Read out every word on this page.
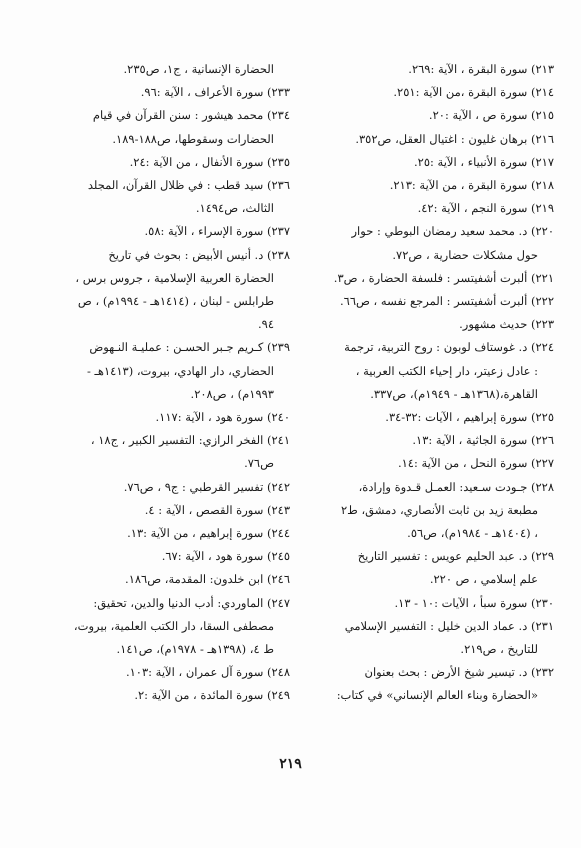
٢١٣) سورة البقرة ، الآية :٢٦٩.

٢١٤) سورة البقرة ،من الآية :٢٥١.

٢١٥) سورة ص ، الآية :٢٠.

٢١٦) برهان غليون : اغتيال العقل، ص٣٥٢.

٢١٧) سورة الأنبياء ، الآية :٢٥.

٢١٨) سورة البقرة ، من الآية :٢١٣.

٢١٩) سورة النجم ، الآية :٤٢.

٢٢٠) د. محمد سعيد رمضان البوطي : حوار

حول مشكلات حضارية ، ص٧٢.

٢٢١) ألبرت أشفيتسر : فلسفة الحضارة ، ص٣.

٢٢٢) ألبرت أشفيتسر : المرجع نفسه ، ص٦٦.

٢٢٣) حديث مشهور.

٢٢٤) د. غوستاف لوبون : روح التربية، ترجمة

: عادل زعيتر، دار إحياء الكتب العربية ،

القاهرة،(١٣٦٨هـ - ١٩٤٩م)، ص٣٣٧.

٢٢٥) سورة إبراهيم ، الآيات :٣٢-٣٤.

٢٢٦) سورة الجاثية ، الآية :١٣.

٢٢٧) سورة النحل ، من الآية :١٤.

٢٢٨) جـودت سـعيد: العمـل قـدوة وإرادة،

مطبعة زيد بن ثابت الأنصاري، دمشق، ط٢

، (١٤٠٤هـ - ١٩٨٤م)، ص٥٦.

٢٢٩) د. عبد الحليم عويس : تفسير التاريخ

علم إسلامي ، ص ٢٢٠.

٢٣٠) سورة سبأ ، الآيات :١٠ - ١٣.

٢٣١) د. عماد الدين خليل : التفسير الإسلامي

للتاريخ ، ص٢١٩.

٢٣٢) د. تيسير شيخ الأرض : بحث بعنوان

«الحضارة وبناء العالم الإنساني» في كتاب:

الحضارة الإنسانية ، ج١، ص٢٣٥.

٢٣٣) سورة الأعراف ، الآية :٩٦.

٢٣٤) محمد هيشور : سنن القرآن في قيام

الحضارات وسقوطها، ص١٨٨-١٨٩.

٢٣٥) سورة الأنفال ، من الآية :٢٤.

٢٣٦) سيد قطب : في ظلال القرآن، المجلد

الثالث، ص١٤٩٤.

٢٣٧) سورة الإسراء ، الآية :٥٨.

٢٣٨) د. أنيس الأبيض : بحوث في تاريخ

الحضارة العربية الإسلامية ، جروس برس ،

طرابلس - لبنان ، (١٤١٤هـ - ١٩٩٤م) ، ص

٩٤.

٢٣٩) كـريم جـبر الحسـن : عمليـة النـهوض

الحضاري، دار الهادي، بيروت، (١٤١٣هـ -

١٩٩٣م) ، ص٢٠٨.

٢٤٠) سورة هود ، الآية :١١٧.

٢٤١) الفخر الرازي: التفسير الكبير ، ج١٨ ،

ص٧٦.

٢٤٢) تفسير القرطبي : ج٩ ، ص٧٦.

٢٤٣) سورة القصص ، الآية : ٤.

٢٤٤) سورة إبراهيم ، من الآية :١٣.

٢٤٥) سورة هود ، الآية :٦٧.

٢٤٦) ابن خلدون: المقدمة، ص١٨٦.

٢٤٧) الماوردي: أدب الدنيا والدين، تحقيق:

مصطفى السقا، دار الكتب العلمية، بيروت،

ط ٤، (١٣٩٨هـ - ١٩٧٨م)، ص١٤١.

٢٤٨) سورة آل عمران ، الآية :١٠٣.

٢٤٩) سورة المائدة ، من الآية :٢.

٢١٩
